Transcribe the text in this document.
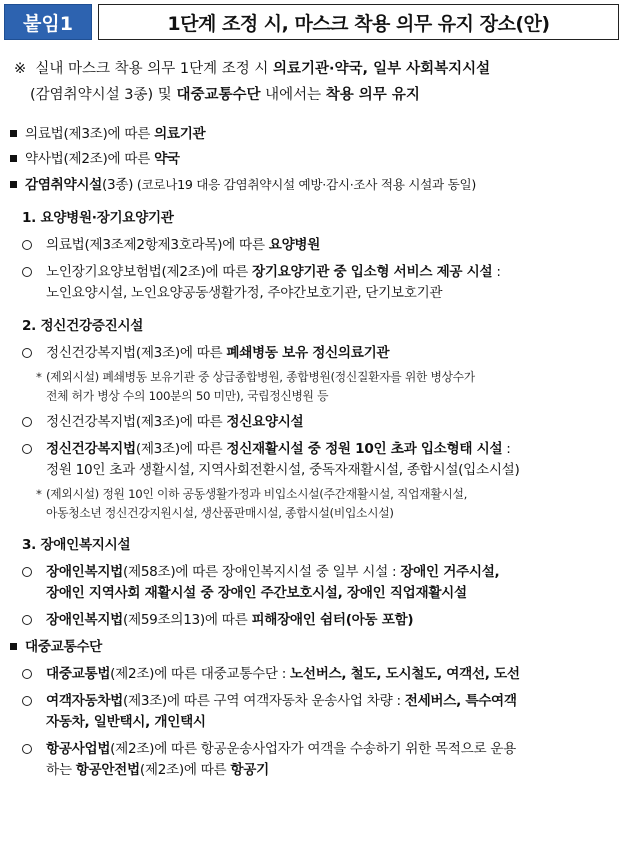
붙임1	1단계 조정 시, 마스크 착용 의무 유지 장소(안)
※ 실내 마스크 착용 의무 1단계 조정 시 의료기관·약국, 일부 사회복지시설
(감염취약시설 3종) 및 대중교통수단 내에서는 착용 의무 유지
의료법(제3조)에 따른 의료기관
약사법(제2조)에 따른 약국
감염취약시설(3종) (코로나19 대응 감염취약시설 예방·감시·조사 적용 시설과 동일)
1. 요양병원·장기요양기관
의료법(제3조제2항제3호라목)에 따른 요양병원
노인장기요양보험법(제2조)에 따른 장기요양기관 중 입소형 서비스 제공 시설 :
노인요양시설, 노인요양공동생활가정, 주야간보호기관, 단기보호기관
2. 정신건강증진시설
정신건강복지법(제3조)에 따른 폐쇄병동 보유 정신의료기관
* (제외시설) 폐쇄병동 보유기관 중 상급종합병원, 종합병원(정신질환자를 위한 병상수가
전체 허가 병상 수의 100분의 50 미만), 국립정신병원 등
정신건강복지법(제3조)에 따른 정신요양시설
정신건강복지법(제3조)에 따른 정신재활시설 중 정원 10인 초과 입소형태 시설 :
정원 10인 초과 생활시설, 지역사회전환시설, 중독자재활시설, 종합시설(입소시설)
* (제외시설) 정원 10인 이하 공동생활가정과 비입소시설(주간재활시설, 직업재활시설,
아동청소년 정신건강지원시설, 생산품판매시설, 종합시설(비입소시설)
3. 장애인복지시설
장애인복지법(제58조)에 따른 장애인복지시설 중 일부 시설 : 장애인 거주시설,
장애인 지역사회 재활시설 중 장애인 주간보호시설, 장애인 직업재활시설
장애인복지법(제59조의13)에 따른 피해장애인 쉼터(아동 포함)
대중교통수단
대중교통법(제2조)에 따른 대중교통수단 : 노선버스, 철도, 도시철도, 여객선, 도선
여객자동차법(제3조)에 따른 구역 여객자동차 운송사업 차량 : 전세버스, 특수여객
자동차, 일반택시, 개인택시
항공사업법(제2조)에 따른 항공운송사업자가 여객을 수송하기 위한 목적으로 운용
하는 항공안전법(제2조)에 따른 항공기
